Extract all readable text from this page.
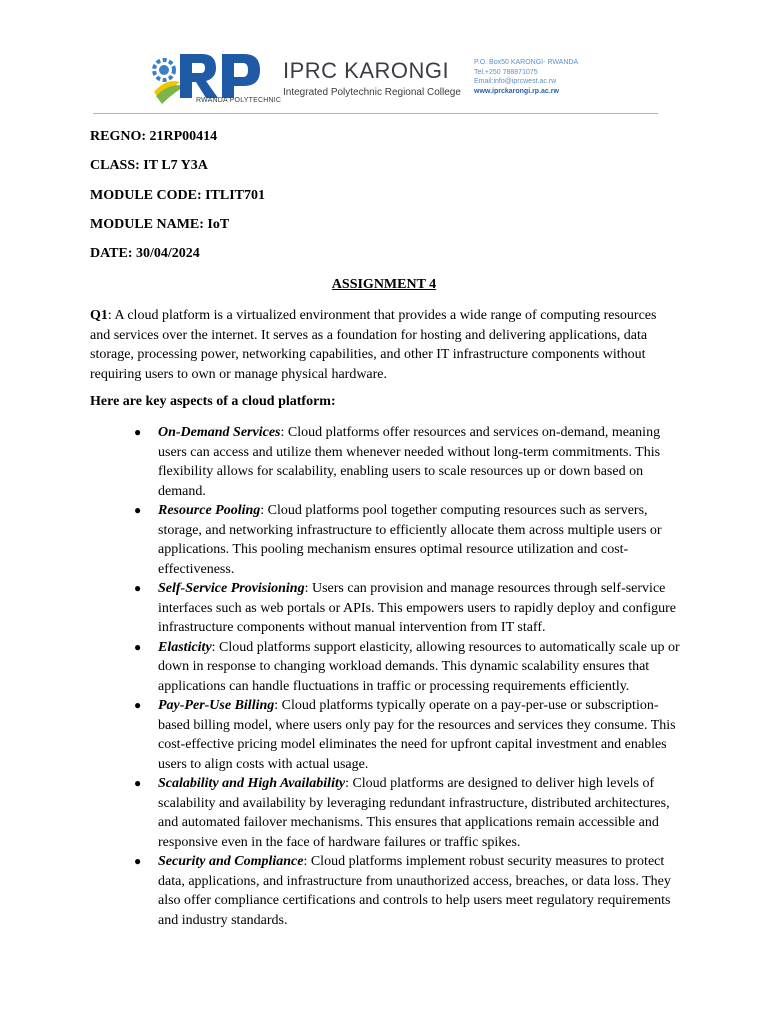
RWANDA POLYTECHNIC
IPRC KARONGI
Integrated Polytechnic Regional College
P.O. Box50 KARONGI- RWANDA
Tel:+250 788871075
Email:info@iprcwest.ac.rw
www.iprckarongi.rp.ac.rw
REGNO: 21RP00414
CLASS: IT L7 Y3A
MODULE CODE: ITLIT701
MODULE NAME: IoT
DATE: 30/04/2024
ASSIGNMENT 4
Q1: A cloud platform is a virtualized environment that provides a wide range of computing resources and services over the internet. It serves as a foundation for hosting and delivering applications, data storage, processing power, networking capabilities, and other IT infrastructure components without requiring users to own or manage physical hardware.
Here are key aspects of a cloud platform:
● On-Demand Services: Cloud platforms offer resources and services on-demand, meaning users can access and utilize them whenever needed without long-term commitments. This flexibility allows for scalability, enabling users to scale resources up or down based on demand.
● Resource Pooling: Cloud platforms pool together computing resources such as servers, storage, and networking infrastructure to efficiently allocate them across multiple users or applications. This pooling mechanism ensures optimal resource utilization and cost-effectiveness.
● Self-Service Provisioning: Users can provision and manage resources through self-service interfaces such as web portals or APIs. This empowers users to rapidly deploy and configure infrastructure components without manual intervention from IT staff.
● Elasticity: Cloud platforms support elasticity, allowing resources to automatically scale up or down in response to changing workload demands. This dynamic scalability ensures that applications can handle fluctuations in traffic or processing requirements efficiently.
● Pay-Per-Use Billing: Cloud platforms typically operate on a pay-per-use or subscription-based billing model, where users only pay for the resources and services they consume. This cost-effective pricing model eliminates the need for upfront capital investment and enables users to align costs with actual usage.
● Scalability and High Availability: Cloud platforms are designed to deliver high levels of scalability and availability by leveraging redundant infrastructure, distributed architectures, and automated failover mechanisms. This ensures that applications remain accessible and responsive even in the face of hardware failures or traffic spikes.
● Security and Compliance: Cloud platforms implement robust security measures to protect data, applications, and infrastructure from unauthorized access, breaches, or data loss. They also offer compliance certifications and controls to help users meet regulatory requirements and industry standards.
